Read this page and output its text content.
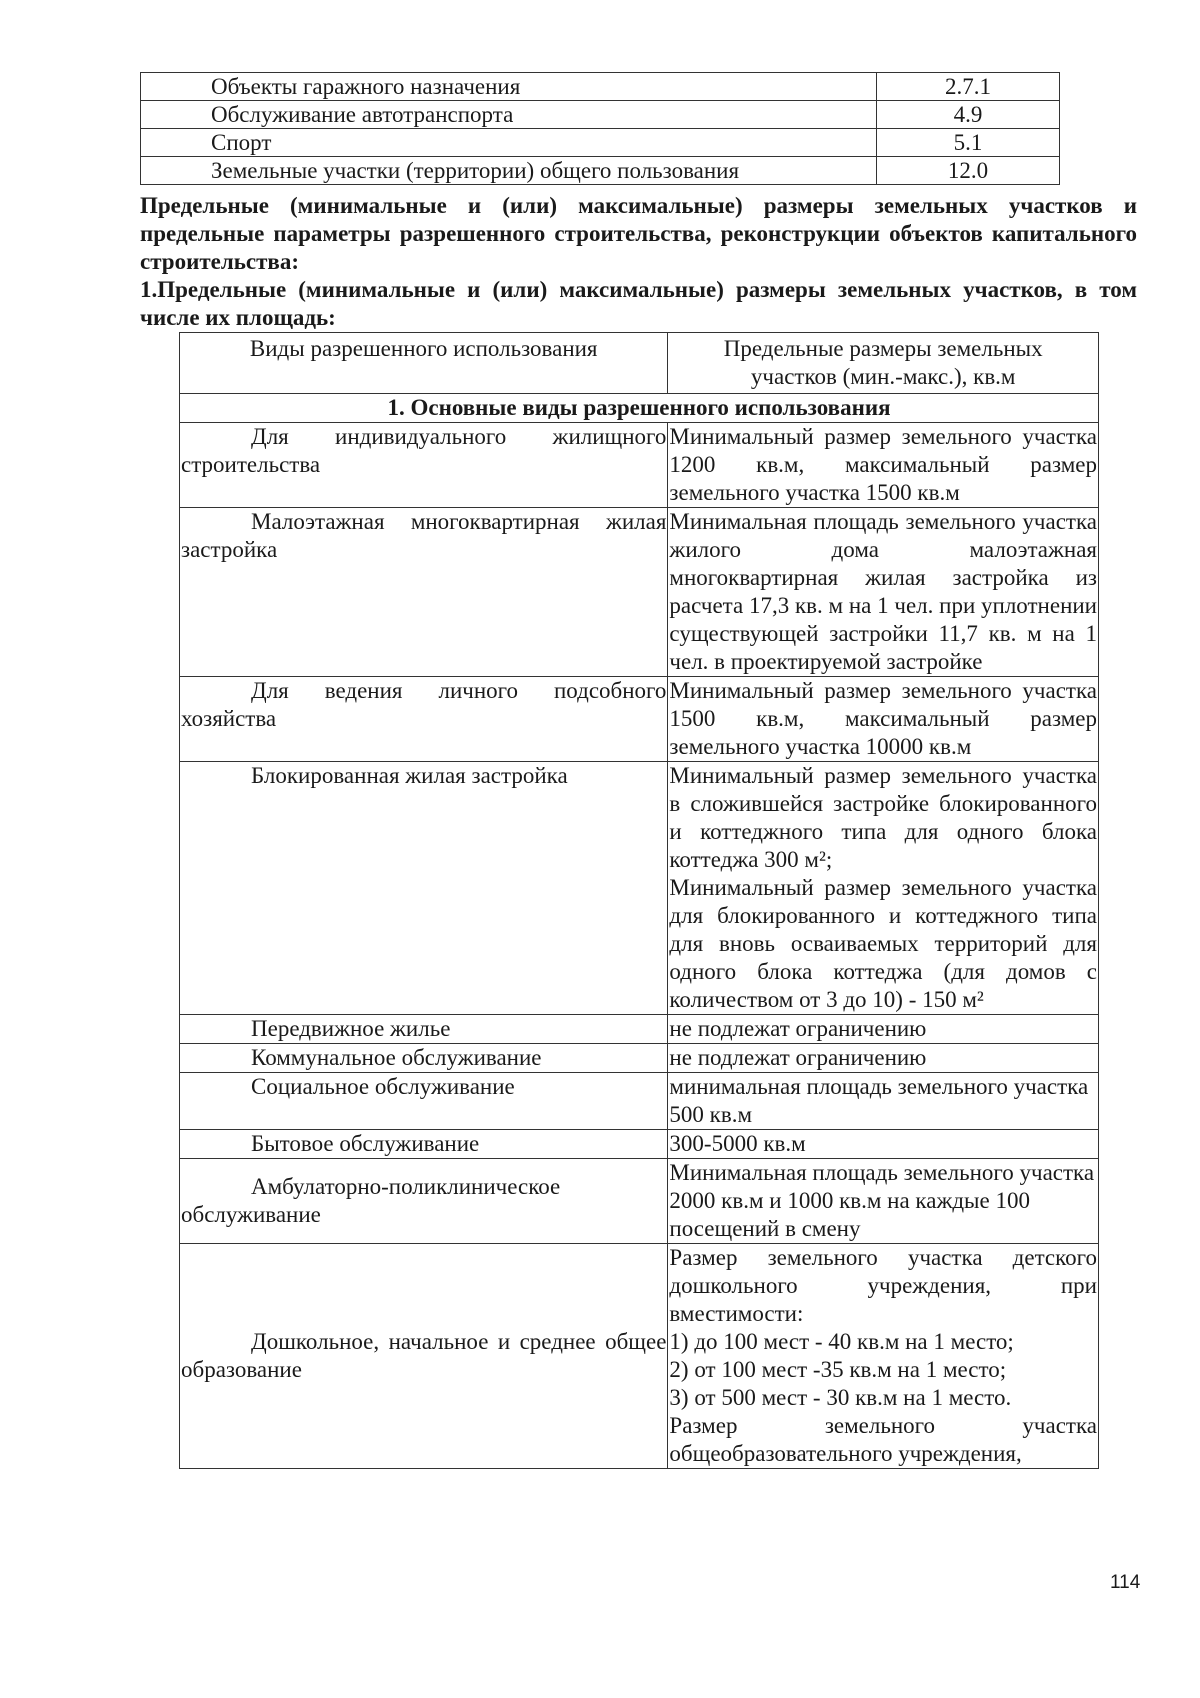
Объекты гаражного назначения	2.7.1
Обслуживание автотранспорта	4.9
Спорт	5.1
Земельные участки (территории) общего пользования	12.0
Предельные (минимальные и (или) максимальные) размеры земельных участков и предельные параметры разрешенного строительства, реконструкции объектов капитального строительства:
1.Предельные (минимальные и (или) максимальные) размеры земельных участков, в том числе их площадь:
Виды разрешенного использования	Предельные размеры земельных
участков (мин.-макс.), кв.м

1. Основные виды разрешенного использования	

Для индивидуального жилищного строительства	Минимальный размер земельного участка 1200 кв.м, максимальный размер земельного участка 1500 кв.м

Малоэтажная многоквартирная жилая застройка	Минимальная площадь земельного участка жилого дома малоэтажная многоквартирная жилая застройка из расчета 17,3 кв. м на 1 чел. при уплотнении существующей застройки 11,7 кв. м на 1 чел. в проектируемой застройке

Для ведения личного подсобного хозяйства	Минимальный размер земельного участка 1500 кв.м, максимальный размер земельного участка 10000 кв.м

Блокированная жилая застройка	Минимальный размер земельного участка в сложившейся застройке блокированного и коттеджного типа для одного блока коттеджа 300 м²;
Минимальный размер земельного участка для блокированного и коттеджного типа для вновь осваиваемых территорий для одного блока коттеджа (для домов с количеством от 3 до 10) - 150 м²

Передвижное жилье	не подлежат ограничению

Коммунальное обслуживание	не подлежат ограничению

Социальное обслуживание	минимальная площадь земельного участка 500 кв.м

Бытовое обслуживание	300-5000 кв.м

Амбулаторно-поликлиническое обслуживание	Минимальная площадь земельного участка 2000 кв.м и 1000 кв.м на каждые 100 посещений в смену

Дошкольное, начальное и среднее общее образование	Размер земельного участка детского дошкольного учреждения, при вместимости:
1) до 100 мест - 40 кв.м на 1 место;
2) от 100 мест -35 кв.м на 1 место;
3) от 500 мест - 30 кв.м на 1 место.
Размер земельного участка общеобразовательного учреждения,
114
